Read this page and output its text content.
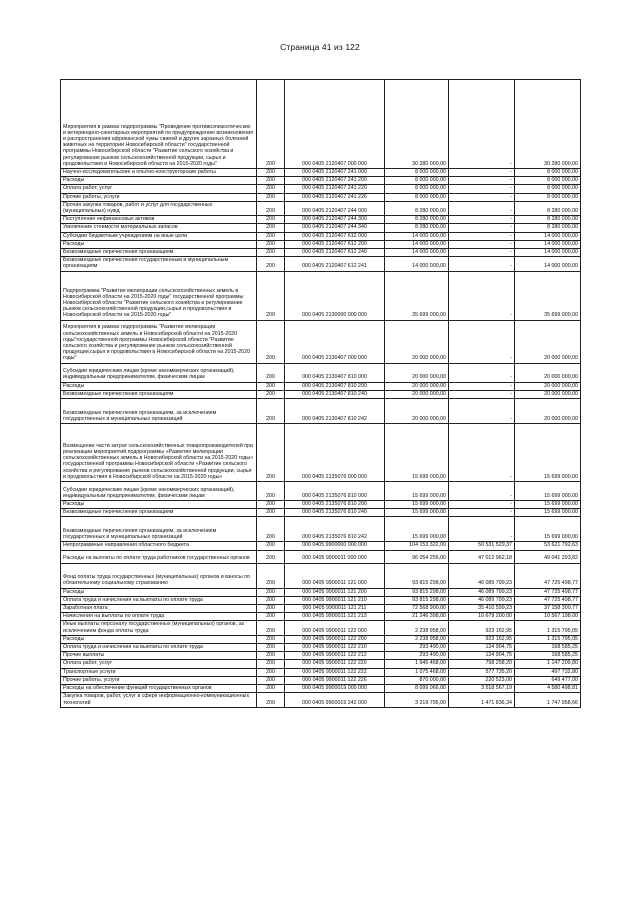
Страница 41 из 122
Мероприятия в рамках подпрограммы "Проведение противоэпизоотических и ветеринарно-санитарных мероприятий по предупреждению возникновения и распространения африканской чумы свиней и других заразных болезней животных на территории Новосибирской области" государственной программы Новосибирской области "Развитие сельского хозяйства и регулирование рынков сельскохозяйственной продукции, сырья и продовольствия в Новосибирской области на 2015-2020 годы"	200	000 0405 2120407 000 000	30 280 000,00	-	30 280 000,00
Научно-исследовательские и опытно-конструкторские работы	200	000 0405 2120407 241 000	8 000 000,00	-	8 000 000,00
Расходы	200	000 0405 2120407 241 200	8 000 000,00	-	8 000 000,00
Оплата работ, услуг	200	000 0405 2120407 241 220	8 000 000,00	-	8 000 000,00
Прочие работы, услуги	200	000 0405 2120407 241 226	8 000 000,00	-	8 000 000,00
Прочая закупка товаров, работ и услуг для государственных (муниципальных) нужд	200	000 0405 2120407 244 000	8 280 000,00	-	8 280 000,00
Поступление нефинансовых активов	200	000 0405 2120407 244 300	8 280 000,00	-	8 280 000,00
Увеличение стоимости материальных запасов	200	000 0405 2120407 244 340	8 280 000,00	-	8 280 000,00
Субсидии бюджетным учреждениям на иные цели	200	000 0405 2120407 612 000	14 000 000,00	-	14 000 000,00
Расходы	200	000 0405 2120407 612 200	14 000 000,00	-	14 000 000,00
Безвозмездные перечисления организациям	200	000 0405 2120407 612 240	14 000 000,00	-	14 000 000,00
Безвозмездные перечисления государственным и муниципальным организациям	200	000 0405 2120407 612 241	14 000 000,00	-	14 000 000,00
Подпрограмма "Развитие мелиорации сельскохозяйственных земель в Новосибирской области на 2015-2020 годы" государственной программы Новосибирской области "Развитие сельского хозяйства и регулирование рынков сельскохозяйственной продукции,сырья и продовольствия в Новосибирской области на 2015-2020 годы"	200	000 0405 2130000 000 000	35 699 000,00	-	35 699 000,00
Мероприятия в рамках подпрограммы "Развитие мелиорации сельскохозяйственных земель в Новосибирской области на 2015-2020 годы"государственной программы Новосибирской области "Развитие сельского хозяйства и регулирование рынков сельскохозяйственной продукции,сырья и продовольствия в Новосибирской области на 2015-2020 годы"	200	000 0405 2130407 000 000	20 000 000,00	-	20 000 000,00
Субсидии юридическим лицам (кроме некоммерческих организаций), индивидуальным предпринимателям, физическим лицам	200	000 0405 2130407 810 000	20 000 000,00	-	20 000 000,00
Расходы	200	000 0405 2130407 810 200	20 000 000,00	-	20 000 000,00
Безвозмездные перечисления организациям	200	000 0405 2130407 810 240	20 000 000,00	-	20 000 000,00
Безвозмездные перечисления организациям, за исключением государственных и муниципальных организаций	200	000 0405 2130407 810 242	20 000 000,00	-	20 000 000,00
Возмещение части затрат сельскохозяйственных товаропроизводителей при реализации мероприятий подпрограммы «Развитие мелиорации сельскохозяйственных земель в Новосибирской области на 2015-2020 годы» государственной программы Новосибирской области «Развитие сельского хозяйства и регулирование рынков сельскохозяйственной продукции, сырья и продовольствия в Новосибирской области на 2015-2020 годы»	200	000 0405 2135076 000 000	15 699 000,00	-	15 699 000,00
Субсидии юридическим лицам (кроме некоммерческих организаций), индивидуальным предпринимателям, физическим лицам	200	000 0405 2135076 810 000	15 699 000,00	-	15 699 000,00
Расходы	200	000 0405 2135076 810 200	15 699 000,00	-	15 699 000,00
Безвозмездные перечисления организациям	200	000 0405 2135076 810 240	15 699 000,00	-	15 699 000,00
Безвозмездные перечисления организациям, за исключением государственных и муниципальных организаций	200	000 0405 2135076 810 242	15 699 000,00	-	15 699 000,00
Непрограммные направления областного бюджета	200	000 0405 9900000 000 000	104 153 322,00	50 531 529,37	53 621 792,63
Расходы на выплаты по оплате труда работников государственных органов	200	000 0405 9900011 000 000	96 054 256,00	47 012 962,18	49 041 293,82
Фонд оплаты труда государственных (муниципальных) органов и взносы по обязательному социальному страхованию	200	000 0405 9900011 121 000	93 815 298,00	46 089 799,23	47 725 498,77
Расходы	200	000 0405 9900011 121 200	93 815 298,00	46 089 799,23	47 725 498,77
Оплата труда и начисления на выплаты по оплате труда	200	000 0405 9900011 121 210	93 815 298,00	46 089 799,23	47 725 498,77
Заработная плата	200	000 0405 9900011 121 211	72 568 900,00	35 410 599,23	37 158 300,77
Начисления на выплаты по оплате труда	200	000 0405 9900011 121 213	21 246 398,00	10 679 200,00	10 567 198,00
Иные выплаты персоналу государственных (муниципальных) органов, за исключением фонда оплаты труда	200	000 0405 9900011 122 000	2 238 958,00	923 162,95	1 315 795,05
Расходы	200	000 0405 9900011 122 200	2 238 958,00	923 162,95	1 315 795,05
Оплата труда и начисления на выплаты по оплате труда	200	000 0405 9900011 122 210	293 490,00	124 904,75	168 585,25
Прочие выплаты	200	000 0405 9900011 122 212	293 490,00	124 904,75	168 585,25
Оплата работ, услуг	200	000 0405 9900011 122 220	1 945 468,00	798 258,20	1 147 209,80
Транспортные услуги	200	000 0405 9900011 122 222	1 075 468,00	577 735,20	497 732,80
Прочие работы, услуги	200	000 0405 9900011 122 226	870 000,00	220 523,00	649 477,00
Расходы на обеспечение функций государственных органов	200	000 0405 9900019 000 000	8 099 066,00	3 518 567,19	4 580 498,81
Закупка товаров, работ, услуг в сфере информационно-коммуникационных технологий	200	000 0405 9900019 242 000	3 219 795,00	1 471 836,34	1 747 958,66
